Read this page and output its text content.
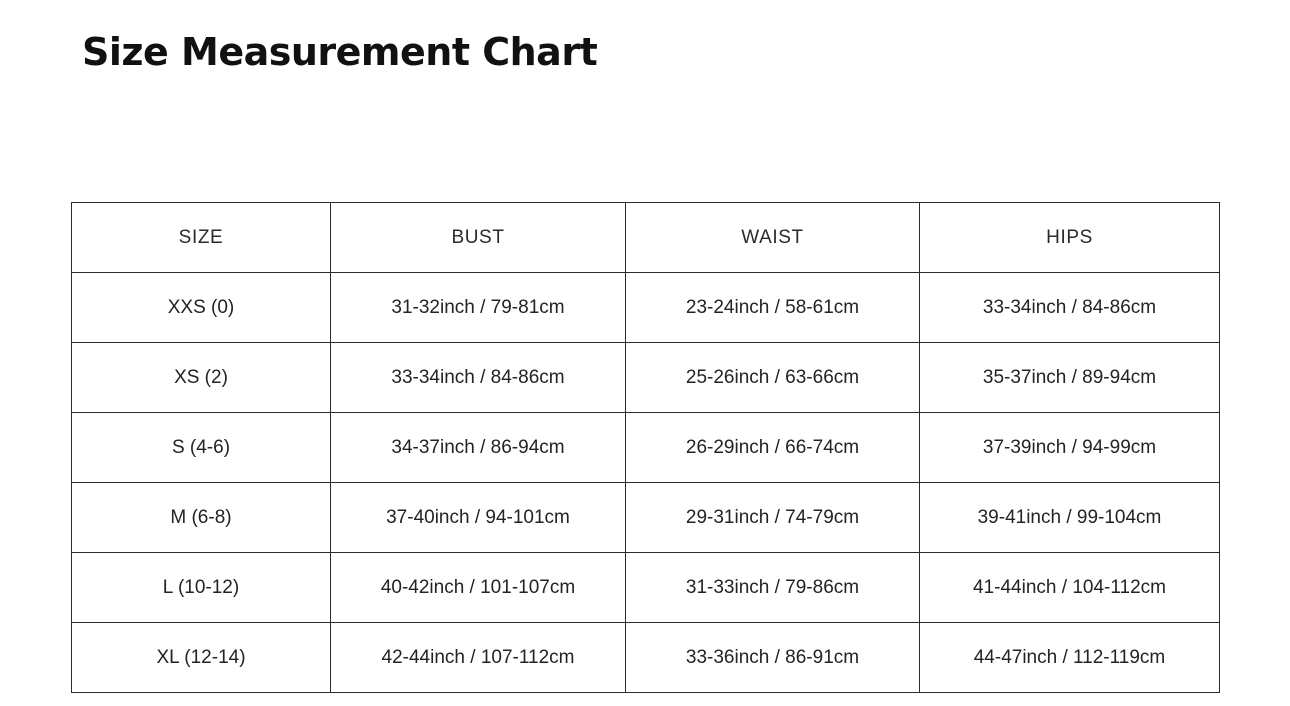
Size Measurement Chart
SIZE	BUST	WAIST	HIPS
XXS (0)	31-32inch / 79-81cm	23-24inch / 58-61cm	33-34inch / 84-86cm
XS (2)	33-34inch / 84-86cm	25-26inch / 63-66cm	35-37inch / 89-94cm
S (4-6)	34-37inch / 86-94cm	26-29inch / 66-74cm	37-39inch / 94-99cm
M (6-8)	37-40inch / 94-101cm	29-31inch / 74-79cm	39-41inch / 99-104cm
L (10-12)	40-42inch / 101-107cm	31-33inch / 79-86cm	41-44inch / 104-112cm
XL (12-14)	42-44inch / 107-112cm	33-36inch / 86-91cm	44-47inch / 112-119cm
